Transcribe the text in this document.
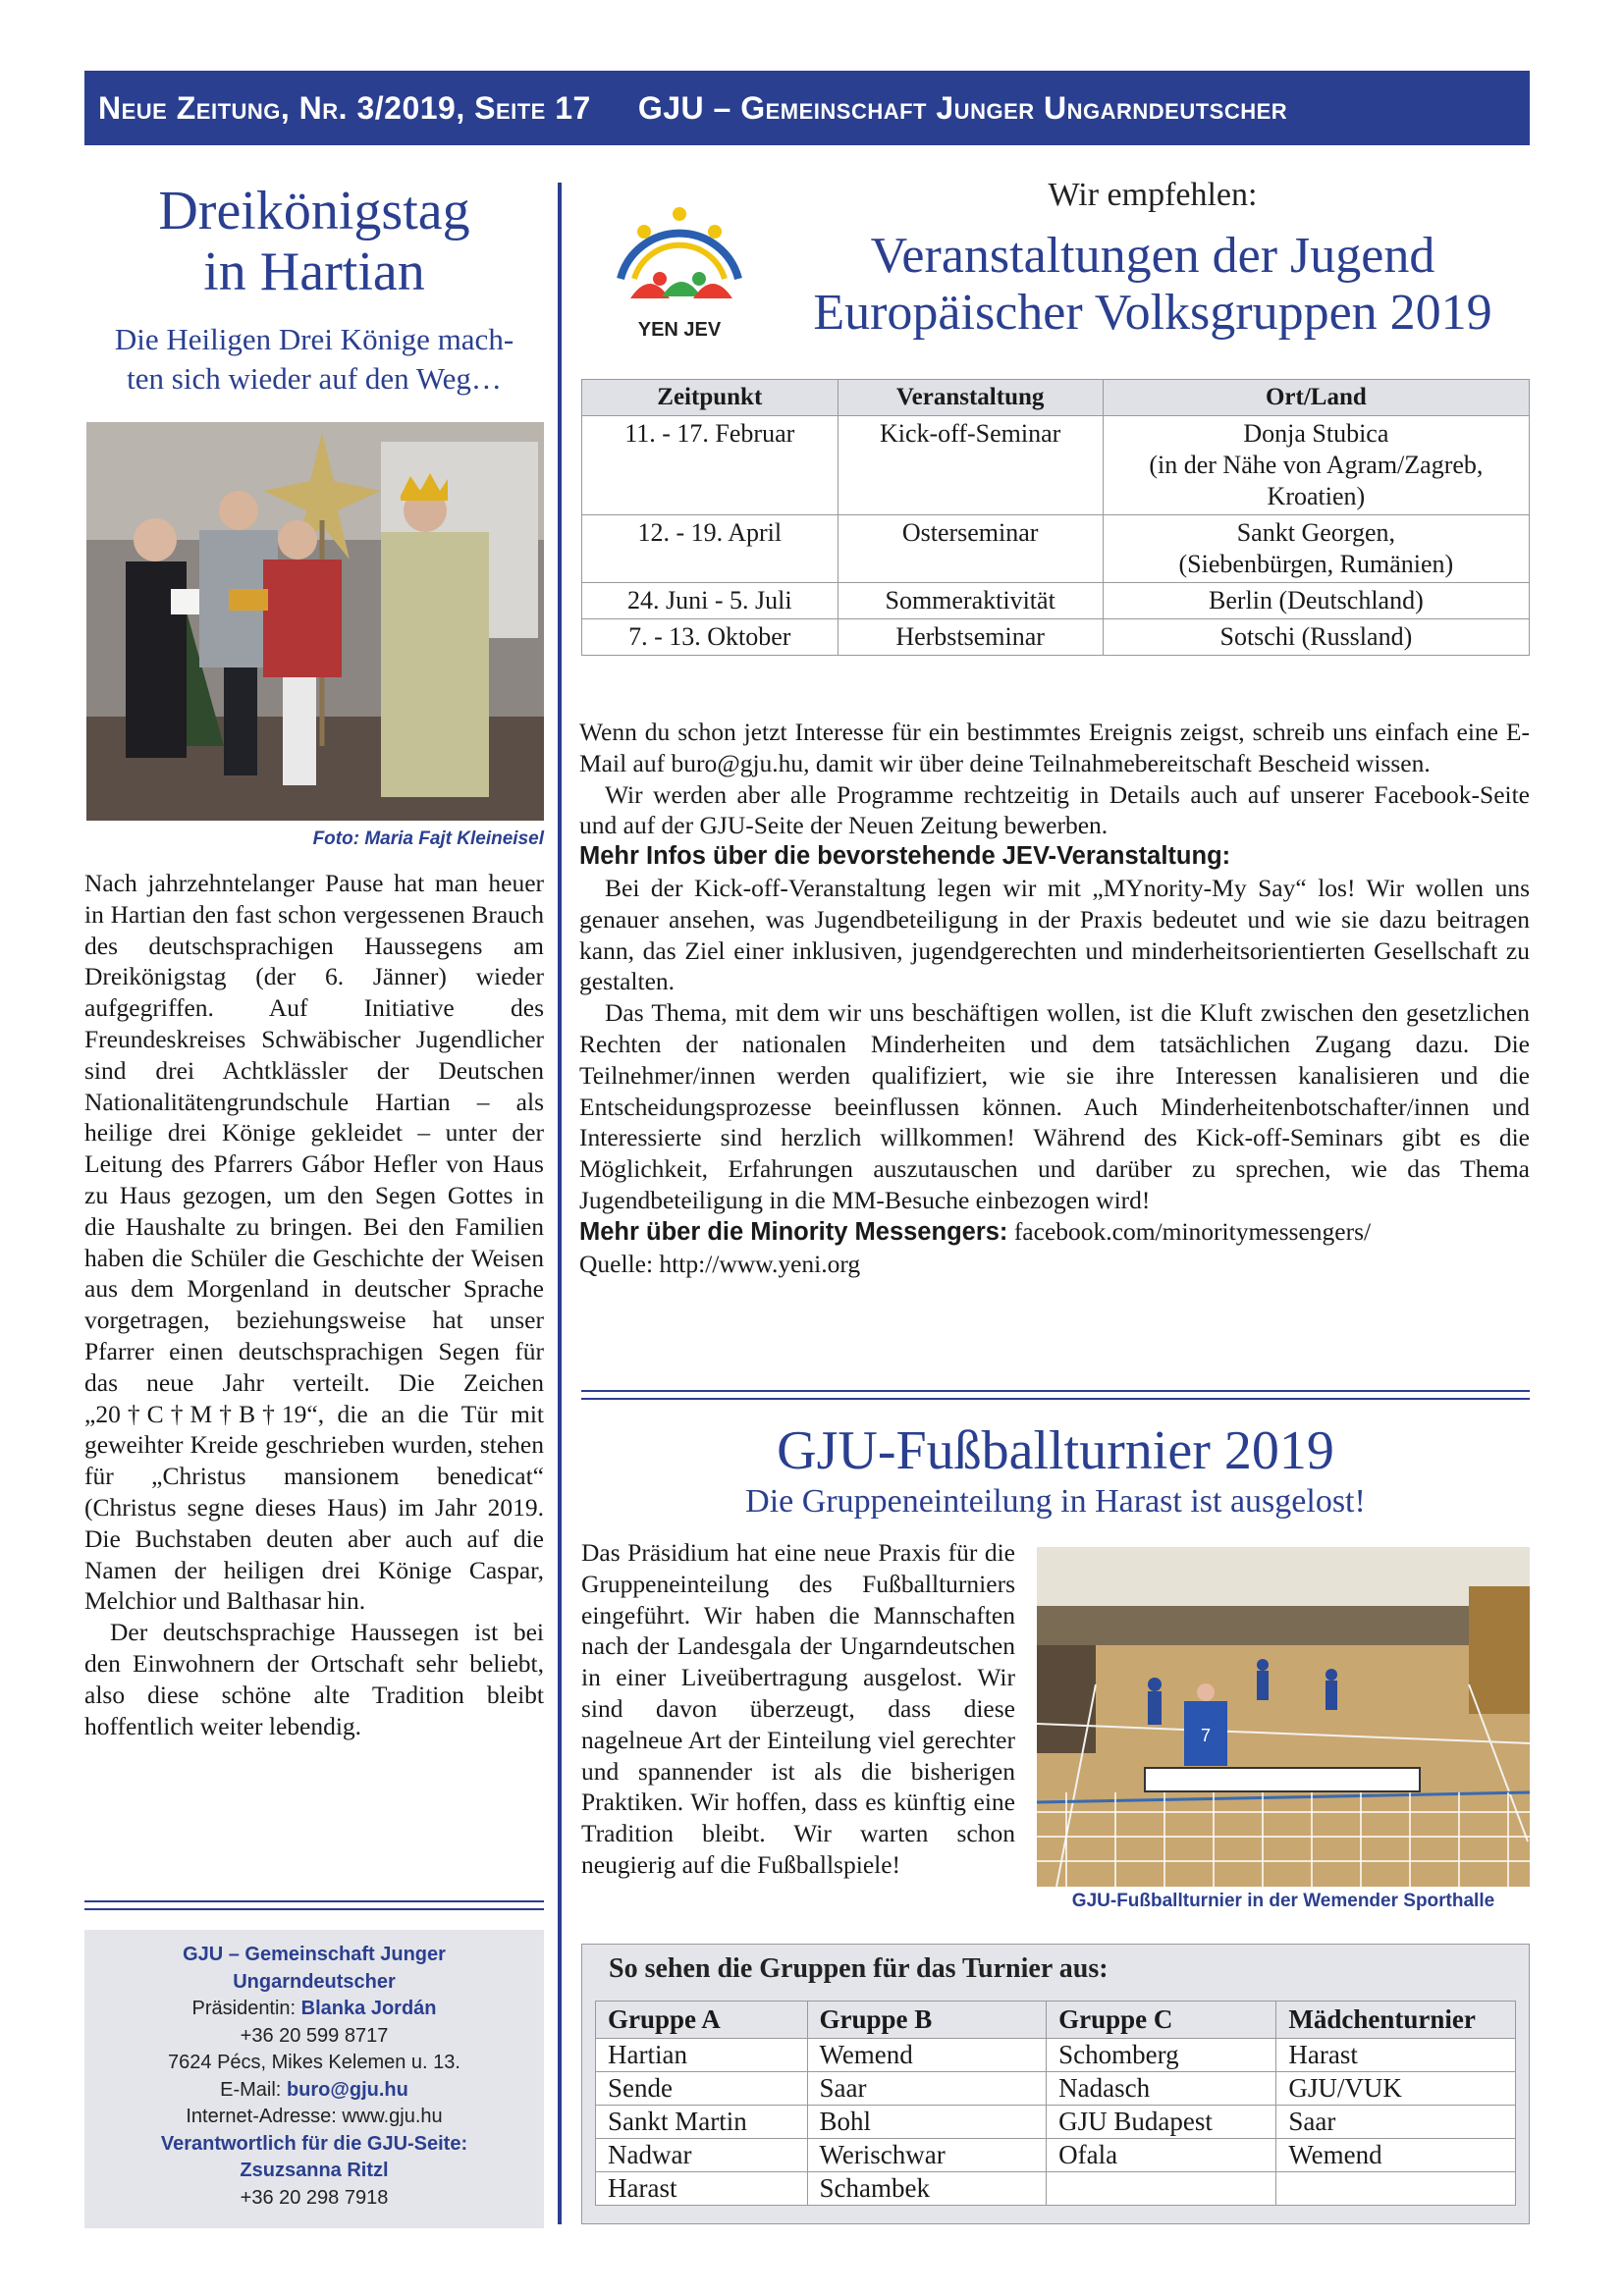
Neue Zeitung, Nr. 3/2019, Seite 17 GJU – Gemeinschaft Junger Ungarndeutscher
Dreikönigstag
in Hartian
Die Heiligen Drei Könige mach-
ten sich wieder auf den Weg…
Foto: Maria Fajt Kleineisel

Nach jahrzehntelanger Pause hat man heuer in Hartian den fast schon vergessenen Brauch des deutschsprachigen Haussegens am Dreikönigstag (der 6. Jänner) wieder aufgegriffen. Auf Initiative des Freundeskreises Schwäbischer Jugendlicher sind drei Achtklässler der Deutschen Nationalitätengrundschule Hartian – als heilige drei Könige gekleidet – unter der Leitung des Pfarrers Gábor Hefler von Haus zu Haus gezogen, um den Segen Gottes in die Haushalte zu bringen. Bei den Familien haben die Schüler die Geschichte der Weisen aus dem Morgenland in deutscher Sprache vorgetragen, beziehungsweise hat unser Pfarrer einen deutschsprachigen Segen für das neue Jahr verteilt. Die Zeichen „20†C†M†B†19“, die an die Tür mit geweihter Kreide geschrieben wurden, stehen für „Christus mansionem benedicat“ (Christus segne dieses Haus) im Jahr 2019. Die Buchstaben deuten aber auch auf die Namen der heiligen drei Könige Caspar, Melchior und Balthasar hin.

Der deutschsprachige Haussegen ist bei den Einwohnern der Ortschaft sehr beliebt, also diese schöne alte Tradition bleibt hoffentlich weiter lebendig.

GJU – Gemeinschaft Junger
Ungarndeutscher
Präsidentin: Blanka Jordán
+36 20 599 8717
7624 Pécs, Mikes Kelemen u. 13.
E-Mail: buro@gju.hu
Internet-Adresse: www.gju.hu
Verantwortlich für die GJU-Seite:
Zsuzsanna Ritzl
+36 20 298 7918
YEN JEV
Wir empfehlen:
Veranstaltungen der Jugend
Europäischer Volksgruppen 2019
Zeitpunkt	Veranstaltung	Ort/Land
11. - 17. Februar	Kick-off-Seminar	Donja Stubica
(in der Nähe von Agram/Zagreb,
Kroatien)

12. - 19. April	Osterseminar	Sankt Georgen,
(Siebenbürgen, Rumänien)

24. Juni - 5. Juli	Sommeraktivität	Berlin (Deutschland)
7. - 13. Oktober	Herbstseminar	Sotschi (Russland)

Wenn du schon jetzt Interesse für ein bestimmtes Ereignis zeigst, schreib uns einfach eine E-Mail auf buro@gju.hu, damit wir über deine Teilnahmebereitschaft Bescheid wissen.

Wir werden aber alle Programme rechtzeitig in Details auch auf unserer Facebook-Seite und auf der GJU-Seite der Neuen Zeitung bewerben.

Mehr Infos über die bevorstehende JEV-Veranstaltung:

Bei der Kick-off-Veranstaltung legen wir mit „MYnority-My Say“ los! Wir wollen uns genauer ansehen, was Jugendbeteiligung in der Praxis bedeutet und wie sie dazu beitragen kann, das Ziel einer inklusiven, jugendgerechten und minderheitsorientierten Gesellschaft zu gestalten.

Das Thema, mit dem wir uns beschäftigen wollen, ist die Kluft zwischen den gesetzlichen Rechten der nationalen Minderheiten und dem tatsächlichen Zugang dazu. Die Teilnehmer/innen werden qualifiziert, wie sie ihre Interessen kanalisieren und die Entscheidungsprozesse beeinflussen können. Auch Minderheitenbotschafter/innen und Interessierte sind herzlich willkommen! Während des Kick-off-Seminars gibt es die Möglichkeit, Erfahrungen auszutauschen und darüber zu sprechen, wie das Thema Jugendbeteiligung in die MM-Besuche einbezogen wird!

Mehr über die Minority Messengers: facebook.com/minoritymessengers/

Quelle: http://www.yeni.org

GJU-Fußballturnier 2019
Die Gruppeneinteilung in Harast ist ausgelost!
Das Präsidium hat eine neue Praxis für die Gruppeneinteilung des Fußballturniers eingeführt. Wir haben die Mannschaften nach der Landesgala der Ungarndeutschen in einer Liveübertragung ausgelost. Wir sind davon überzeugt, dass diese nagelneue Art der Einteilung viel gerechter und spannender ist als die bisherigen Praktiken. Wir hoffen, dass es künftig eine Tradition bleibt. Wir warten schon neugierig auf die Fußballspiele!
7
GJU-Fußballturnier in der Wemender Sporthalle
So sehen die Gruppen für das Turnier aus:
Gruppe A	Gruppe B	Gruppe C	Mädchenturnier
Hartian	Wemend	Schomberg	Harast
Sende	Saar	Nadasch	GJU/VUK
Sankt Martin	Bohl	GJU Budapest	Saar
Nadwar	Werischwar	Ofala	Wemend
Harast	Schambek		
